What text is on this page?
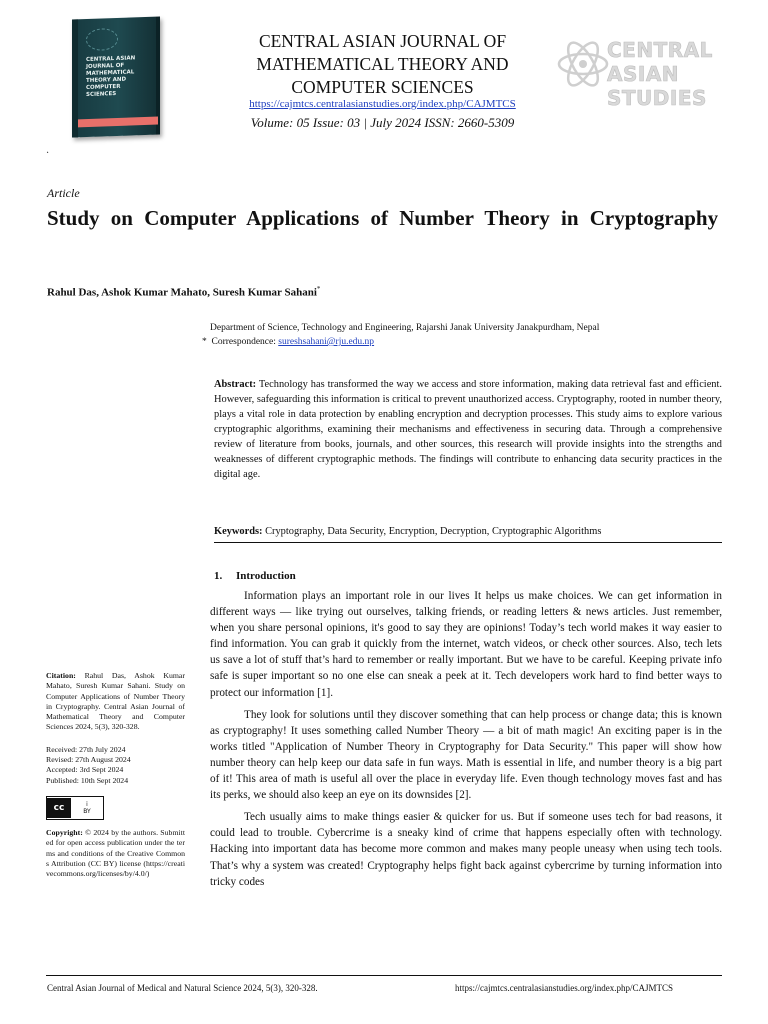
CENTRAL ASIAN JOURNAL OF MATHEMATICAL THEORY AND COMPUTER SCIENCES
CENTRAL ASIAN JOURNAL OF
MATHEMATICAL THEORY AND
COMPUTER SCIENCES
https://cajmtcs.centralasianstudies.org/index.php/CAJMTCS
Volume: 05 Issue: 03 | July 2024 ISSN: 2660-5309
CENTRAL ASIAN
STUDIES
·
Article
Study on Computer Applications of Number Theory in Cryptography
Rahul Das, Ashok Kumar Mahato, Suresh Kumar Sahani*
Department of Science, Technology and Engineering, Rajarshi Janak University Janakpurdham, Nepal
*  Correspondence: sureshsahani@rju.edu.np
Abstract: Technology has transformed the way we access and store information, making data retrieval fast and efficient. However, safeguarding this information is critical to prevent unauthorized access. Cryptography, rooted in number theory, plays a vital role in data protection by enabling encryption and decryption processes. This study aims to explore various cryptographic algorithms, examining their mechanisms and effectiveness in securing data. Through a comprehensive review of literature from books, journals, and other sources, this research will provide insights into the strengths and weaknesses of different cryptographic methods. The findings will contribute to enhancing data security practices in the digital age.
Keywords: Cryptography, Data Security, Encryption, Decryption, Cryptographic Algorithms
1. Introduction

Information plays an important role in our lives It helps us make choices. We can get information in different ways — like trying out ourselves, talking friends, or reading letters & news articles. Just remember, when you share personal opinions, it's good to say they are opinions! Today’s tech world makes it way easier to find information. You can grab it quickly from the internet, watch videos, or check other sources. Also, tech lets us save a lot of stuff that’s hard to remember or really important. But we have to be careful. Keeping private info safe is super important so no one else can sneak a peek at it. Tech developers work hard to find better ways to protect our information [1].

They look for solutions until they discover something that can help process or change data; this is known as cryptography! It uses something called Number Theory — a bit of math magic! An exciting paper is in the works titled "Application of Number Theory in Cryptography for Data Security." This paper will show how number theory can help keep our data safe in fun ways. Math is essential in life, and number theory is a big part of it! This area of math is useful all over the place in everyday life. Even though technology moves fast and has its perks, we should also keep an eye on its downsides [2].

Tech usually aims to make things easier & quicker for us. But if someone uses tech for bad reasons, it could lead to trouble. Cybercrime is a sneaky kind of crime that happens especially often with technology. Hacking into important data has become more common and makes many people uneasy when using tech tools. That’s why a system was created! Cryptography helps fight back against cybercrime by turning information into tricky codes

Citation: Rahul Das, Ashok Kumar Mahato, Suresh Kumar Sahani. Study on Computer Applications of Number Theory in Cryptography. Central Asian Journal of Mathematical Theory and Computer Sciences 2024, 5(3), 320-328.
Received: 27th July 2024
Revised: 27th August 2024
Accepted: 3rd Sept 2024
Published: 10th Sept 2024
cc	i
BY
Copyright: © 2024 by the authors. Submitted for open access publication under the terms and conditions of the Creative Commons Attribution (CC BY) license (https://creativecommons.org/licenses/by/4.0/)
Central Asian Journal of Medical and Natural Science 2024, 5(3), 320-328.	https://cajmtcs.centralasianstudies.org/index.php/CAJMTCS
